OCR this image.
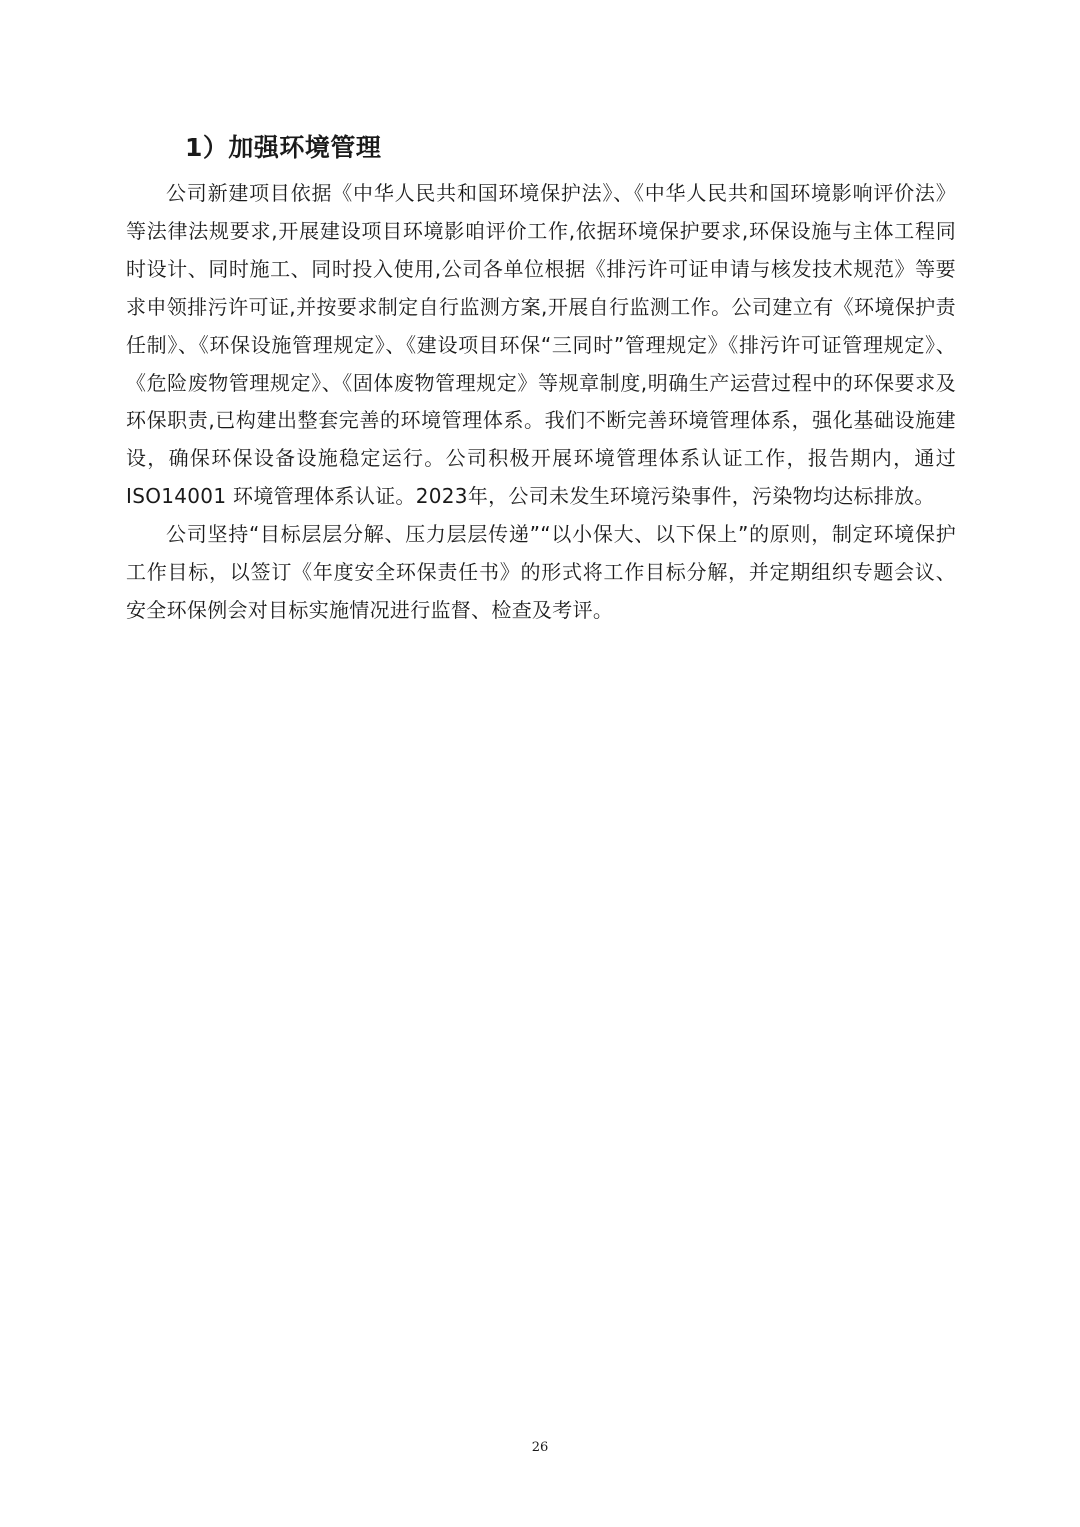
1）加强环境管理

公司新建项目依据《中华人民共和国环境保护法》、《中华人民共和国环境影响评价法》等法律法规要求,开展建设项目环境影咱评价工作,依据环境保护要求,环保设施与主体工程同时设计、同时施工、同时投入使用,公司各单位根据《排污许可证申请与核发技术规范》等要求申领排污许可证,并按要求制定自行监测方案,开展自行监测工作。公司建立有《环境保护责任制》、《环保设施管理规定》、《建设项目环保“三同时”管理规定》《排污许可证管理规定》、《危险废物管理规定》、《固体废物管理规定》等规章制度,明确生产运营过程中的环保要求及环保职责,已构建出整套完善的环境管理体系。我们不断完善环境管理体系，强化基础设施建设，确保环保设备设施稳定运行。公司积极开展环境管理体系认证工作，报告期内，通过ISO14001 环境管理体系认证。2023年，公司未发生环境污染事件，污染物均达标排放。

公司坚持“目标层层分解、压力层层传递”“以小保大、以下保上”的原则，制定环境保护工作目标，以签订《年度安全环保责任书》的形式将工作目标分解，并定期组织专题会议、安全环保例会对目标实施情况进行监督、检查及考评。

26
